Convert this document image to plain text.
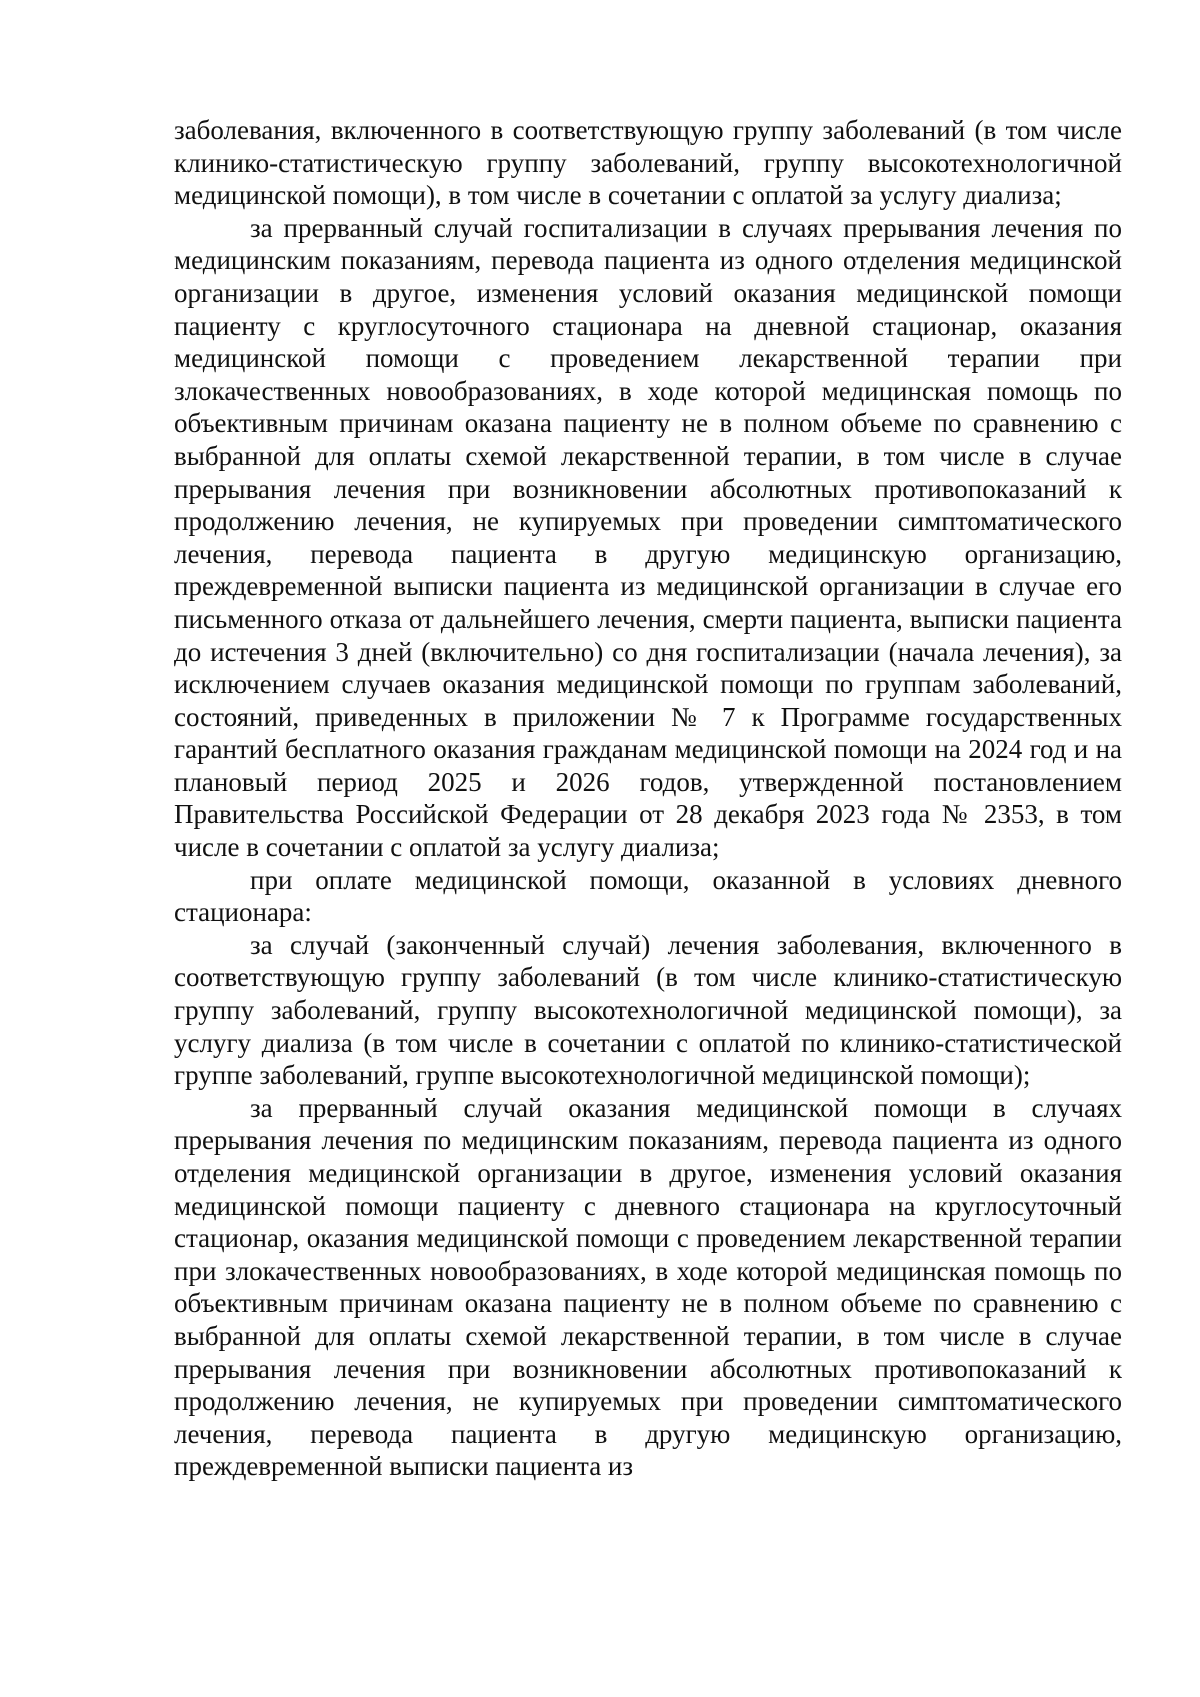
заболевания, включенного в соответствующую группу заболеваний (в том числе клинико-статистическую группу заболеваний, группу высокотехнологичной медицинской помощи), в том числе в сочетании с оплатой за услугу диализа;

за прерванный случай госпитализации в случаях прерывания лечения по медицинским показаниям, перевода пациента из одного отделения медицинской организации в другое, изменения условий оказания медицинской помощи пациенту с круглосуточного стационара на дневной стационар, оказания медицинской помощи с проведением лекарственной терапии при злокачественных новообразованиях, в ходе которой медицинская помощь по объективным причинам оказана пациенту не в полном объеме по сравнению с выбранной для оплаты схемой лекарственной терапии, в том числе в случае прерывания лечения при возникновении абсолютных противопоказаний к продолжению лечения, не купируемых при проведении симптоматического лечения, перевода пациента в другую медицинскую организацию, преждевременной выписки пациента из медицинской организации в случае его письменного отказа от дальнейшего лечения, смерти пациента, выписки пациента до истечения 3 дней (включительно) со дня госпитализации (начала лечения), за исключением случаев оказания медицинской помощи по группам заболеваний, состояний, приведенных в приложении № 7 к Программе государственных гарантий бесплатного оказания гражданам медицинской помощи на 2024 год и на плановый период 2025 и 2026 годов, утвержденной постановлением Правительства Российской Федерации от 28 декабря 2023 года № 2353, в том числе в сочетании с оплатой за услугу диализа;

при оплате медицинской помощи, оказанной в условиях дневного стационара:

за случай (законченный случай) лечения заболевания, включенного в соответствующую группу заболеваний (в том числе клинико-статистическую группу заболеваний, группу высокотехнологичной медицинской помощи), за услугу диализа (в том числе в сочетании с оплатой по клинико-статистической группе заболеваний, группе высокотехнологичной медицинской помощи);

за прерванный случай оказания медицинской помощи в случаях прерывания лечения по медицинским показаниям, перевода пациента из одного отделения медицинской организации в другое, изменения условий оказания медицинской помощи пациенту с дневного стационара на круглосуточный стационар, оказания медицинской помощи с проведением лекарственной терапии при злокачественных новообразованиях, в ходе которой медицинская помощь по объективным причинам оказана пациенту не в полном объеме по сравнению с выбранной для оплаты схемой лекарственной терапии, в том числе в случае прерывания лечения при возникновении абсолютных противопоказаний к продолжению лечения, не купируемых при проведении симптоматического лечения, перевода пациента в другую медицинскую организацию, преждевременной выписки пациента из
